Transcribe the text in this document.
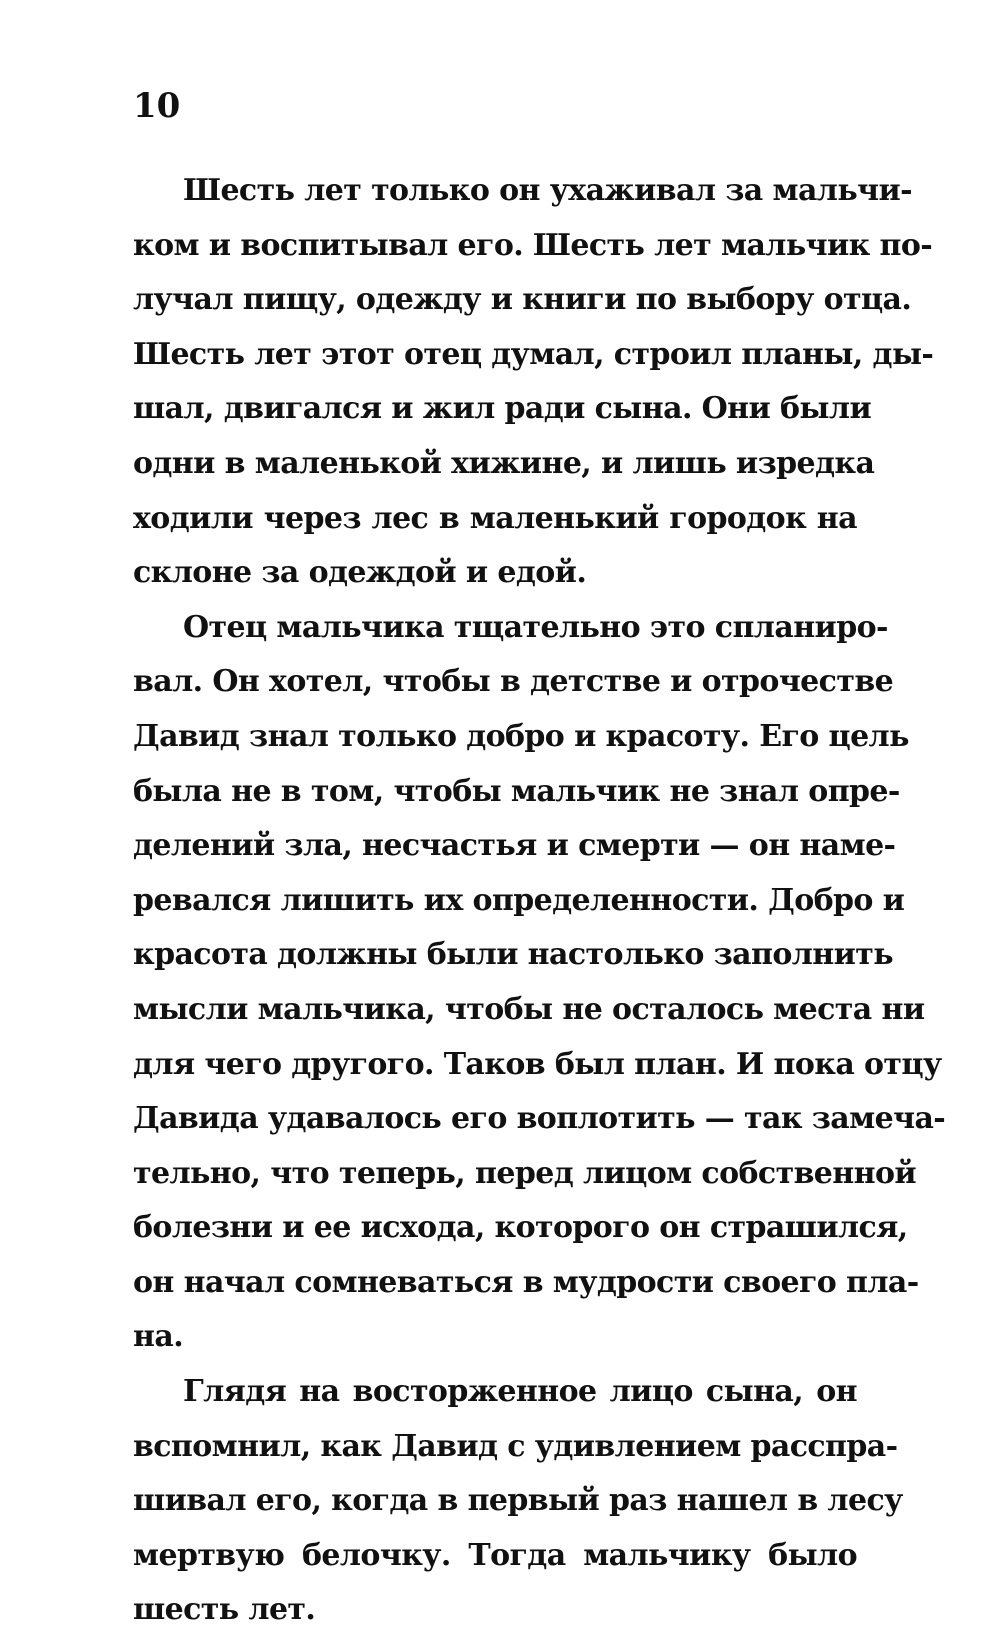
10
Шесть лет только он ухаживал за мальчи-
ком и воспитывал его. Шесть лет мальчик по-
лучал пищу, одежду и книги по выбору отца.
Шесть лет этот отец думал, строил планы, ды-
шал, двигался и жил ради сына. Они были
одни в маленькой хижине, и лишь изредка
ходили через лес в маленький городок на
склоне за одеждой и едой.
Отец мальчика тщательно это спланиро-
вал. Он хотел, чтобы в детстве и отрочестве
Давид знал только добро и красоту. Его цель
была не в том, чтобы мальчик не знал опре-
делений зла, несчастья и смерти — он наме-
ревался лишить их определенности. Добро и
красота должны были настолько заполнить
мысли мальчика, чтобы не осталось места ни
для чего другого. Таков был план. И пока отцу
Давида удавалось его воплотить — так замеча-
тельно, что теперь, перед лицом собственной
болезни и ее исхода, которого он страшился,
он начал сомневаться в мудрости своего пла-
на.
Глядя на восторженное лицо сына, он
вспомнил, как Давид с удивлением расспра-
шивал его, когда в первый раз нашел в лесу
мертвую белочку. Тогда мальчику было
шесть лет.
